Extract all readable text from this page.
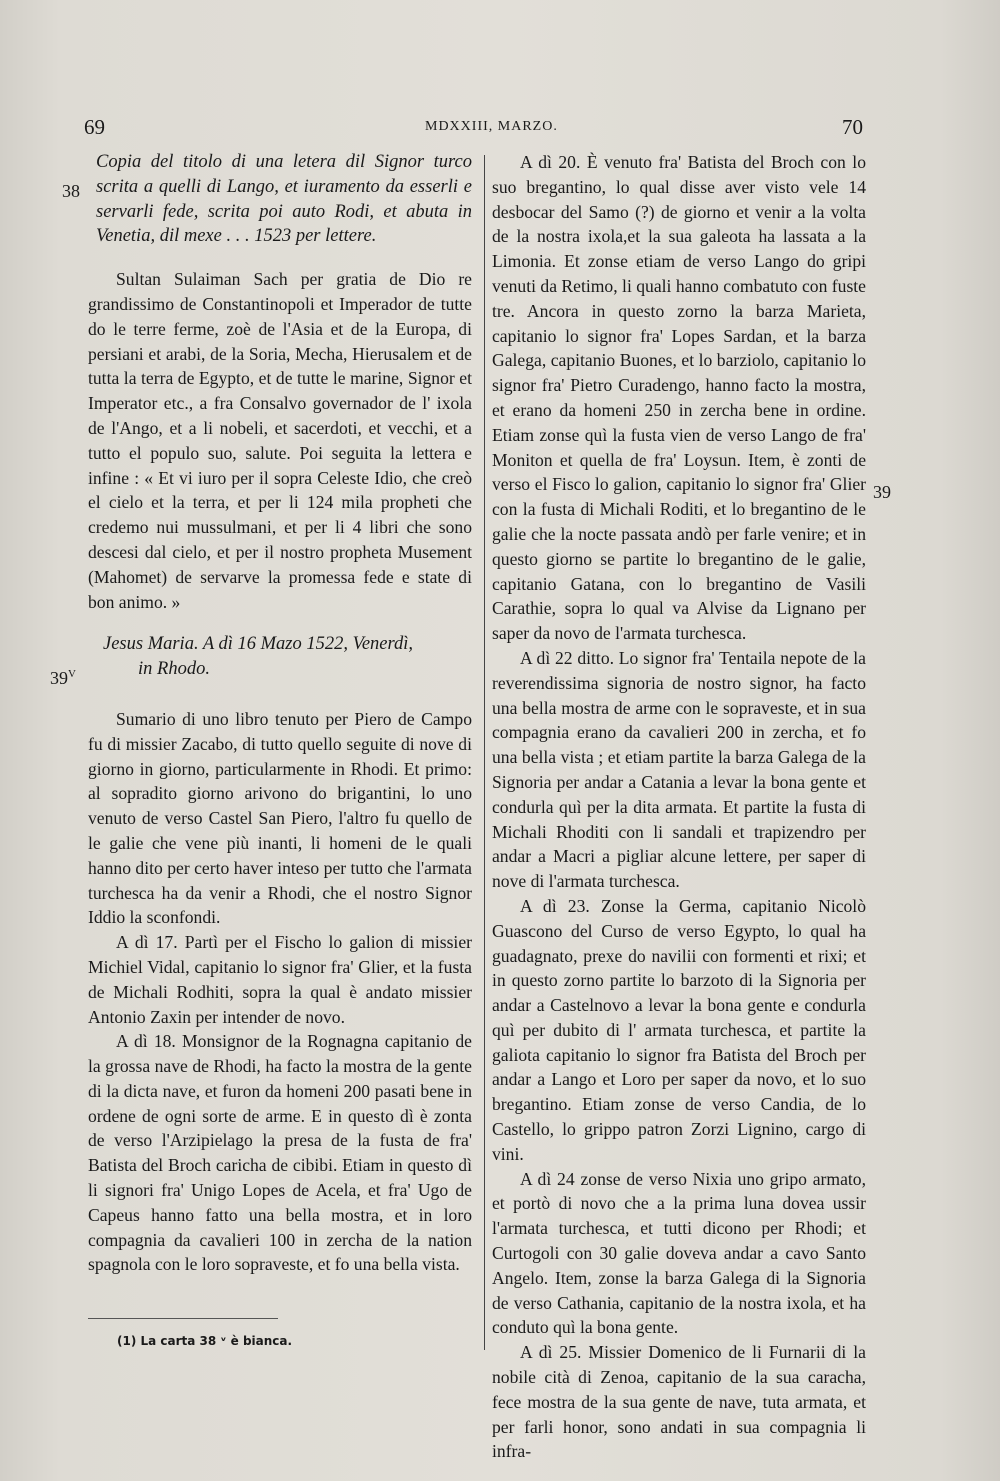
69	MDXXIII, MARZO.	70
38
$39^V$
39

Copia del titolo di una letera dil Signor turco scrita a quelli di Lango, et iuramento da esserli e servarli fede, scrita poi auto Rodi, et abuta in Venetia, dil mexe . . . 1523 per lettere.

Sultan Sulaiman Sach per gratia de Dio re grandissimo de Constantinopoli et Imperador de tutte do le terre ferme, zoè de l'Asia et de la Europa, di persiani et arabi, de la Soria, Mecha, Hierusalem et de tutta la terra de Egypto, et de tutte le marine, Signor et Imperator etc., a fra Consalvo governador de l' ixola de l'Ango, et a li nobeli, et sacerdoti, et vecchi, et a tutto el populo suo, salute. Poi seguita la lettera e infine : « Et vi iuro per il sopra Celeste Idio, che creò el cielo et la terra, et per li 124 mila propheti che credemo nui mussulmani, et per li 4 libri che sono descesi dal cielo, et per il nostro propheta Musement (Mahomet) de servarve la promessa fede e state di bon animo. »

Jesus Maria. A dì 16 Mazo 1522, Venerdì,
in Rhodo.

Sumario di uno libro tenuto per Piero de Campo fu di missier Zacabo, di tutto quello seguite di nove di giorno in giorno, particularmente in Rhodi. Et primo: al sopradito giorno arivono do brigantini, lo uno venuto de verso Castel San Piero, l'altro fu quello de le galie che vene più inanti, li homeni de le quali hanno dito per certo haver inteso per tutto che l'armata turchesca ha da venir a Rhodi, che el nostro Signor Iddio la sconfondi.

A dì 17. Partì per el Fischo lo galion di missier Michiel Vidal, capitanio lo signor fra' Glier, et la fusta de Michali Rodhiti, sopra la qual è andato missier Antonio Zaxin per intender de novo.

A dì 18. Monsignor de la Rognagna capitanio de la grossa nave de Rhodi, ha facto la mostra de la gente di la dicta nave, et furon da homeni 200 pasati bene in ordene de ogni sorte de arme. E in questo dì è zonta de verso l'Arzipielago la presa de la fusta de fra' Batista del Broch caricha de cibibi. Etiam in questo dì li signori fra' Unigo Lopes de Acela, et fra' Ugo de Capeus hanno fatto una bella mostra, et in loro compagnia da cavalieri 100 in zercha de la nation spagnola con le loro sopraveste, et fo una bella vista.

(1) La carta 38 ᵛ è bianca.

A dì 20. È venuto fra' Batista del Broch con lo suo bregantino, lo qual disse aver visto vele 14 desbocar del Samo (?) de giorno et venir a la volta de la nostra ixola,et la sua galeota ha lassata a la Limonia. Et zonse etiam de verso Lango do gripi venuti da Retimo, li quali hanno combatuto con fuste tre. Ancora in questo zorno la barza Marieta, capitanio lo signor fra' Lopes Sardan, et la barza Galega, capitanio Buones, et lo barziolo, capitanio lo signor fra' Pietro Curadengo, hanno facto la mostra, et erano da homeni 250 in zercha bene in ordine. Etiam zonse quì la fusta vien de verso Lango de fra' Moniton et quella de fra' Loysun. Item, è zonti de verso el Fisco lo galion, capitanio lo signor fra' Glier con la fusta di Michali Roditi, et lo bregantino de le galie che la nocte passata andò per farle venire; et in questo giorno se partite lo bregantino de le galie, capitanio Gatana, con lo bregantino de Vasili Carathie, sopra lo qual va Alvise da Lignano per saper da novo de l'armata turchesca.

A dì 22 ditto. Lo signor fra' Tentaila nepote de la reverendissima signoria de nostro signor, ha facto una bella mostra de arme con le sopraveste, et in sua compagnia erano da cavalieri 200 in zercha, et fo una bella vista ; et etiam partite la barza Galega de la Signoria per andar a Catania a levar la bona gente et condurla quì per la dita armata. Et partite la fusta di Michali Rhoditi con li sandali et trapizendro per andar a Macri a pigliar alcune lettere, per saper di nove di l'armata turchesca.

A dì 23. Zonse la Germa, capitanio Nicolò Guascono del Curso de verso Egypto, lo qual ha guadagnato, prexe do navilii con formenti et rixi; et in questo zorno partite lo barzoto di la Signoria per andar a Castelnovo a levar la bona gente e condurla quì per dubito di l' armata turchesca, et partite la galiota capitanio lo signor fra Batista del Broch per andar a Lango et Loro per saper da novo, et lo suo bregantino. Etiam zonse de verso Candia, de lo Castello, lo grippo patron Zorzi Lignino, cargo di vini.

A dì 24 zonse de verso Nixia uno gripo armato, et portò di novo che a la prima luna dovea ussir l'armata turchesca, et tutti dicono per Rhodi; et Curtogoli con 30 galie doveva andar a cavo Santo Angelo. Item, zonse la barza Galega di la Signoria de verso Cathania, capitanio de la nostra ixola, et ha conduto quì la bona gente.

A dì 25. Missier Domenico de li Furnarii di la nobile cità di Zenoa, capitanio de la sua caracha, fece mostra de la sua gente de nave, tuta armata, et per farli honor, sono andati in sua compagnia li infra-
